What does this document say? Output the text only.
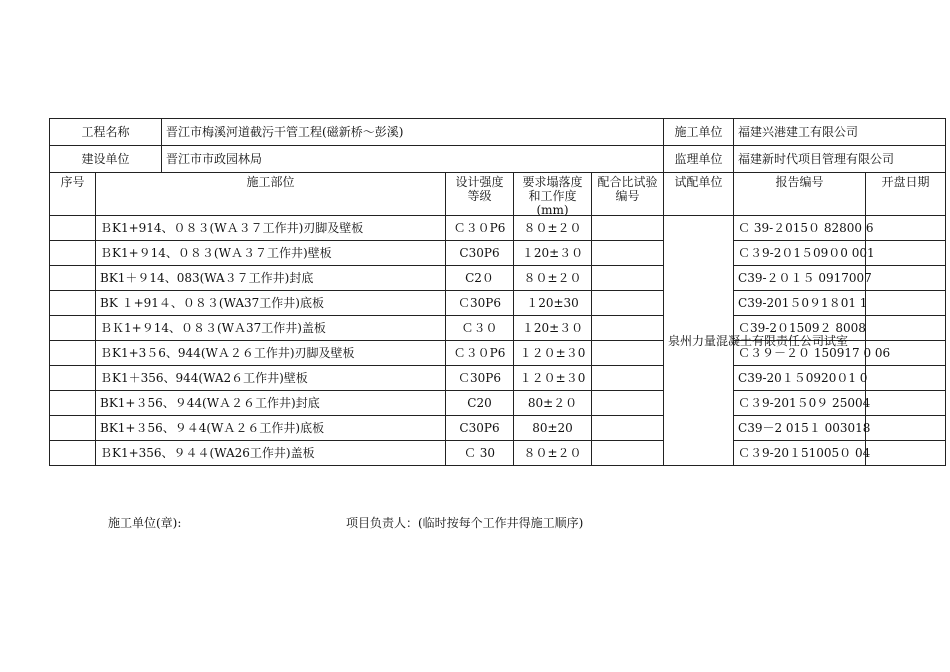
工程名称		晋江市梅溪河道截污干管工程(磁新桥～彭溪)				施工单位	福建兴港建工有限公司	
建设单位		晋江市市政园林局				监理单位	福建新时代项目管理有限公司	
序号	施工部位		设计强度等级	要求塌落度和工作度(mm)	配合比试验编号	试配单位	报告编号	开盘日期

	ＢK1+914、０８３(WＡ３７工作井)刃脚及壁板		Ｃ３０P6	８０±２０		泉州力量混凝土有限责任公司试室	Ｃ 39-２015０ 82800 6	

	ＢK1+９14、０８３(WＡ３７工作井)壁板		C30P6	１20±３０			Ｃ３9-2０1５09０0 001	

	BK1＋９14、083(WA３７工作井)封底		C2０	８０±２０			C39-２０１５ 0917007	

	BK １+91４、０８３(WA37工作井)底板		Ｃ30P6	１20±30			C39-201５0９1８01 1	

	ＢＫ1+９14、０８３(WＡ37工作井)盖板		Ｃ３０	１20±３０			Ｃ39-2０1509２ 8008	

	ＢK1+3５6、944(WＡ２６工作井)刃脚及壁板		Ｃ３０P6	１２０±３0			Ｃ３９－２０ 150917 0 06	

	ＢK1＋356、944(WA2６工作井)壁板		Ｃ30P6	１２０±３0			C39-20１５0920０1 0	

	BK1+３56、９44(WＡ２６工作井)封底		C20	80±２０			Ｃ３9-201５0９ 25004	

	BK1+３56、９４4(WＡ２６工作井)底板		C30P6	80±20			C39－2 015１ 003018	

	ＢK1+356、９４４(WA26工作井)盖板		Ｃ 30	８０±２０			Ｃ３9-20１51005０ 04	

施工单位(章):	项目负责人：(临时按每个工作井得施工顺序)
